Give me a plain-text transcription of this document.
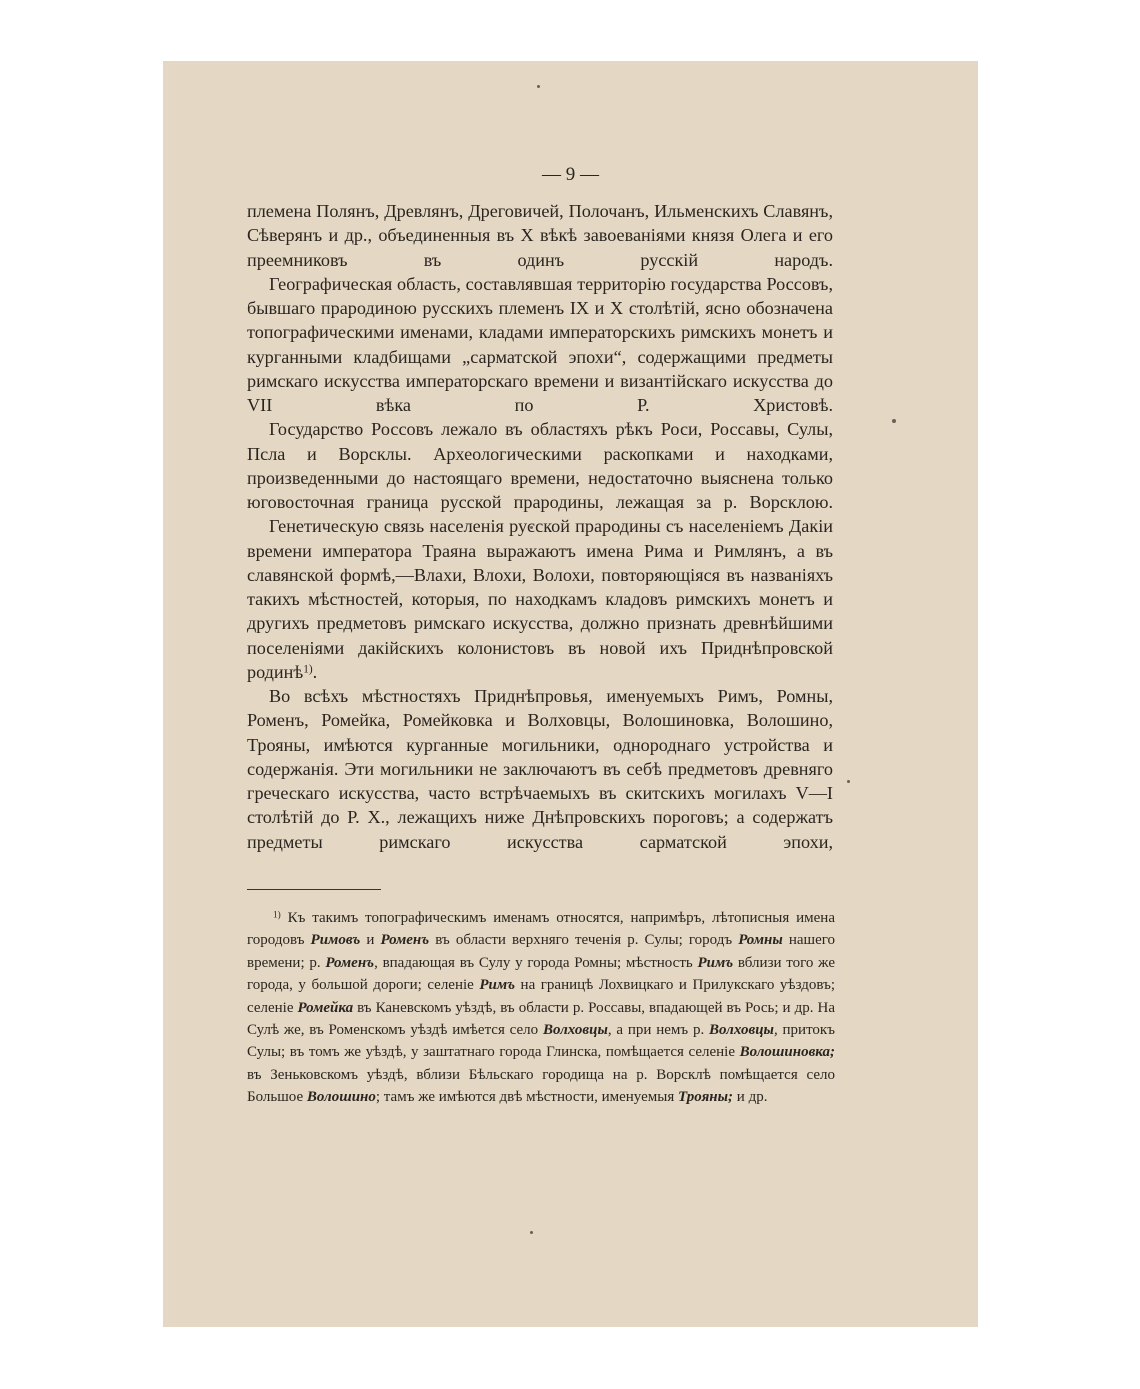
— 9 —

племена Полянъ, Древлянъ, Дреговичей, Полочанъ, Ильменскихъ Славянъ, Сѣверянъ и др., объединенныя въ X вѣкѣ завоеваніями князя Олега и его преемниковъ въ одинъ русскій народъ.

Географическая область, составлявшая территорію государства Россовъ, бывшаго прародиною русскихъ племенъ IX и X столѣтій, ясно обозначена топографическими именами, кладами императорскихъ римскихъ монетъ и курганными кладбищами „сарматской эпохи“, содержащими предметы римскаго искусства императорскаго времени и византійскаго искусства до VII вѣка по Р. Христовѣ.

Государство Россовъ лежало въ областяхъ рѣкъ Роси, Россавы, Сулы, Псла и Ворсклы. Археологическими раскопками и находками, произведенными до настоящаго времени, недостаточно выяснена только юговосточная граница русской прародины, лежащая за р. Ворсклою.

Генетическую связь населенія русской прародины съ населеніемъ Дакіи времени императора Траяна выражаютъ имена Рима и Римлянъ, а въ славянской формѣ,—Влахи, Влохи, Волохи, повторяющіяся въ названіяхъ такихъ мѣстностей, которыя, по находкамъ кладовъ римскихъ монетъ и другихъ предметовъ римскаго искусства, должно признать древнѣйшими поселеніями дакійскихъ колонистовъ въ новой ихъ Приднѣпровской родинѣ$^{1)}$.

Во всѣхъ мѣстностяхъ Приднѣпровья, именуемыхъ Римъ, Ромны, Роменъ, Ромейка, Ромейковка и Волховцы, Волошиновка, Волошино, Трояны, имѣются курганные могильники, однороднаго устройства и содержанія. Эти могильники не заключаютъ въ себѣ предметовъ древняго греческаго искусства, часто встрѣчаемыхъ въ скитскихъ могилахъ V—I столѣтій до Р. Х., лежащихъ ниже Днѣпровскихъ пороговъ; а содержатъ предметы римскаго искусства сарматской эпохи,

$^{1)}$ Къ такимъ топографическимъ именамъ относятся, напримѣръ, лѣтописныя имена городовъ Римовъ и Роменъ въ области верхняго теченія р. Сулы; городъ Ромны нашего времени; р. Роменъ, впадающая въ Сулу у города Ромны; мѣстность Римъ вблизи того же города, у большой дороги; селеніе Римъ на границѣ Лохвицкаго и Прилукскаго уѣздовъ; селеніе Ромейка въ Каневскомъ уѣздѣ, въ области р. Россавы, впадающей въ Рось; и др. На Сулѣ же, въ Роменскомъ уѣздѣ имѣется село Волховцы, а при немъ р. Волховцы, притокъ Сулы; въ томъ же уѣздѣ, у заштатнаго города Глинска, помѣщается селеніе Волошиновка; въ Зеньковскомъ уѣздѣ, вблизи Бѣльскаго городища на р. Ворсклѣ помѣщается село Большое Волошино; тамъ же имѣются двѣ мѣстности, именуемыя Трояны; и др.
